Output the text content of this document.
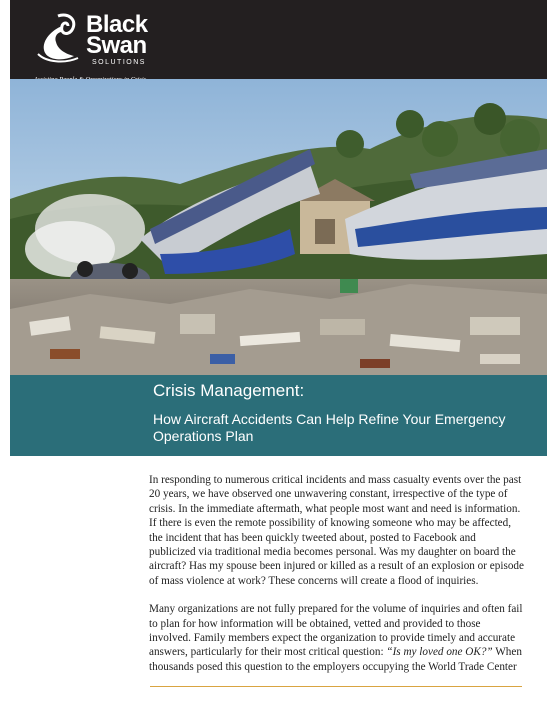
Black
Swan
SOLUTIONS
Crisis Management:
How Aircraft Accidents Can Help Refine Your Emergency Operations Plan

In responding to numerous critical incidents and mass casualty events over the past 20 years, we have observed one unwavering constant, irrespective of the type of crisis. In the immediate aftermath, what people most want and need is information. If there is even the remote possibility of knowing someone who may be affected, the incident that has been quickly tweeted about, posted to Facebook and publicized via traditional media becomes personal. Was my daughter on board the aircraft? Has my spouse been injured or killed as a result of an explosion or episode of mass violence at work? These concerns will create a flood of inquiries.

Many organizations are not fully prepared for the volume of inquiries and often fail to plan for how information will be obtained, vetted and provided to those involved. Family members expect the organization to provide timely and accurate answers, particularly for their most critical question: “Is my loved one OK?” When thousands posed this question to the employers occupying the World Trade Center
